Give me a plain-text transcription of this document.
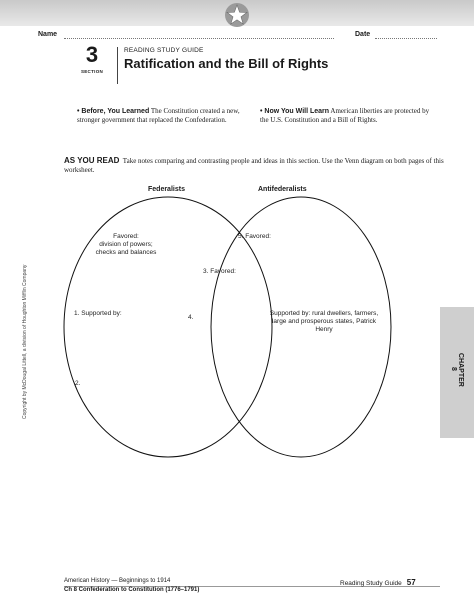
Name	Date
3
SECTION
READING STUDY GUIDE
Ratification and the Bill of Rights
• Before, You Learned The Constitution created a new, stronger government that replaced the Confederation.
• Now You Will Learn American liberties are protected by the U.S. Constitution and a Bill of Rights.
AS YOU READ Take notes comparing and contrasting people and ideas in this section. Use the Venn diagram on both pages of this worksheet.
Federalists	Antifederalists
Favored:
division of powers; checks and balances
5. Favored:
3. Favored:
1. Supported by:
4.
2.
Supported by: rural dwellers, farmers, large and prosperous states, Patrick Henry
CHAPTER 8
Copyright by McDougal Littell, a division of Houghton Mifflin Company
American History — Beginnings to 1914
Ch 8 Confederation to Constitution (1776–1791)
Reading Study Guide 57
